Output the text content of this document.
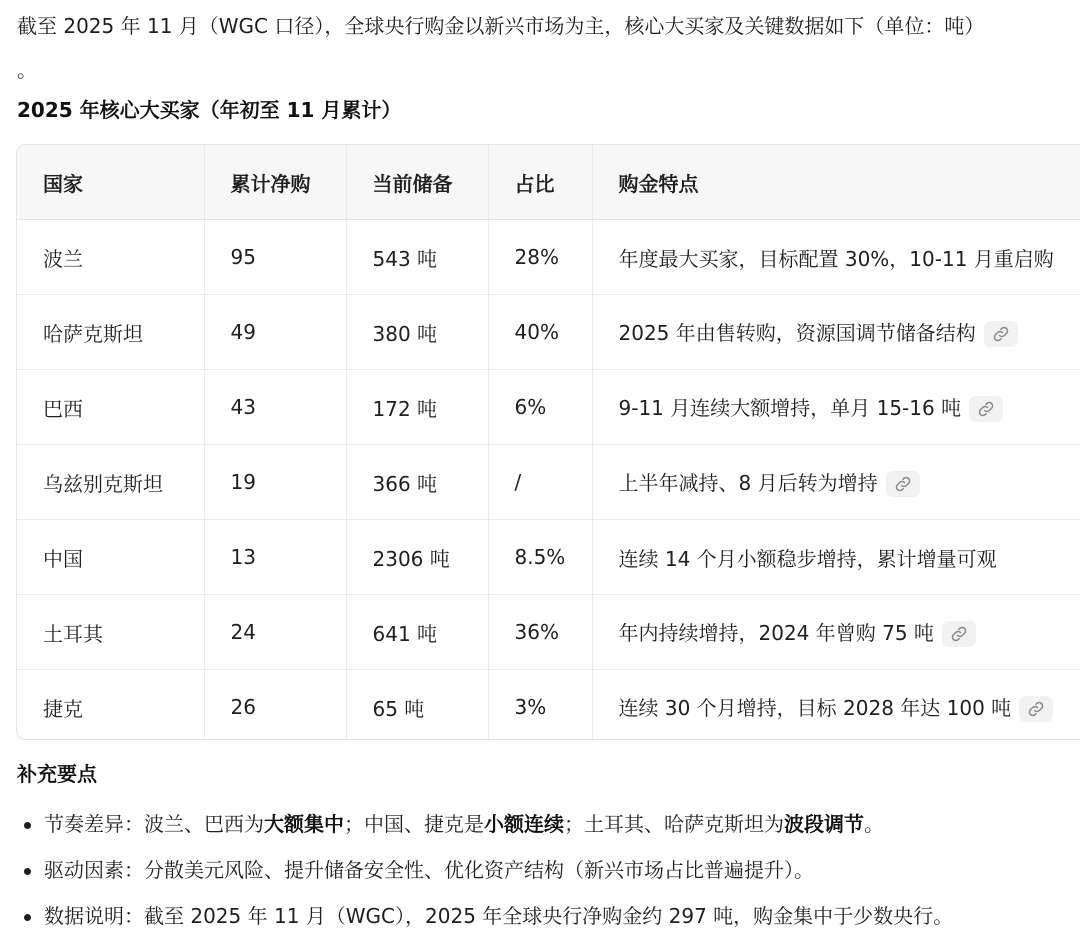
截至 2025 年 11 月（WGC 口径），全球央行购金以新兴市场为主，核心大买家及关键数据如下（单位：吨）
。
2025 年核心大买家（年初至 11 月累计）
国家	累计净购	当前储备	占比	购金特点
波兰	95	543 吨	28%	年度最大买家，目标配置 30%，10-11 月重启购
哈萨克斯坦	49	380 吨	40%	2025 年由售转购，资源国调节储备结构

巴西	43	172 吨	6%	9-11 月连续大额增持，单月 15-16 吨

乌兹别克斯坦	19	366 吨	/	上半年减持、8 月后转为增持

中国	13	2306 吨	8.5%	连续 14 个月小额稳步增持，累计增量可观
土耳其	24	641 吨	36%	年内持续增持，2024 年曾购 75 吨

捷克	26	65 吨	3%	连续 30 个月增持，目标 2028 年达 100 吨
补充要点
节奏差异：波兰、巴西为大额集中；中国、捷克是小额连续；土耳其、哈萨克斯坦为波段调节。
驱动因素：分散美元风险、提升储备安全性、优化资产结构（新兴市场占比普遍提升）。
数据说明：截至 2025 年 11 月（WGC），2025 年全球央行净购金约 297 吨，购金集中于少数央行。
